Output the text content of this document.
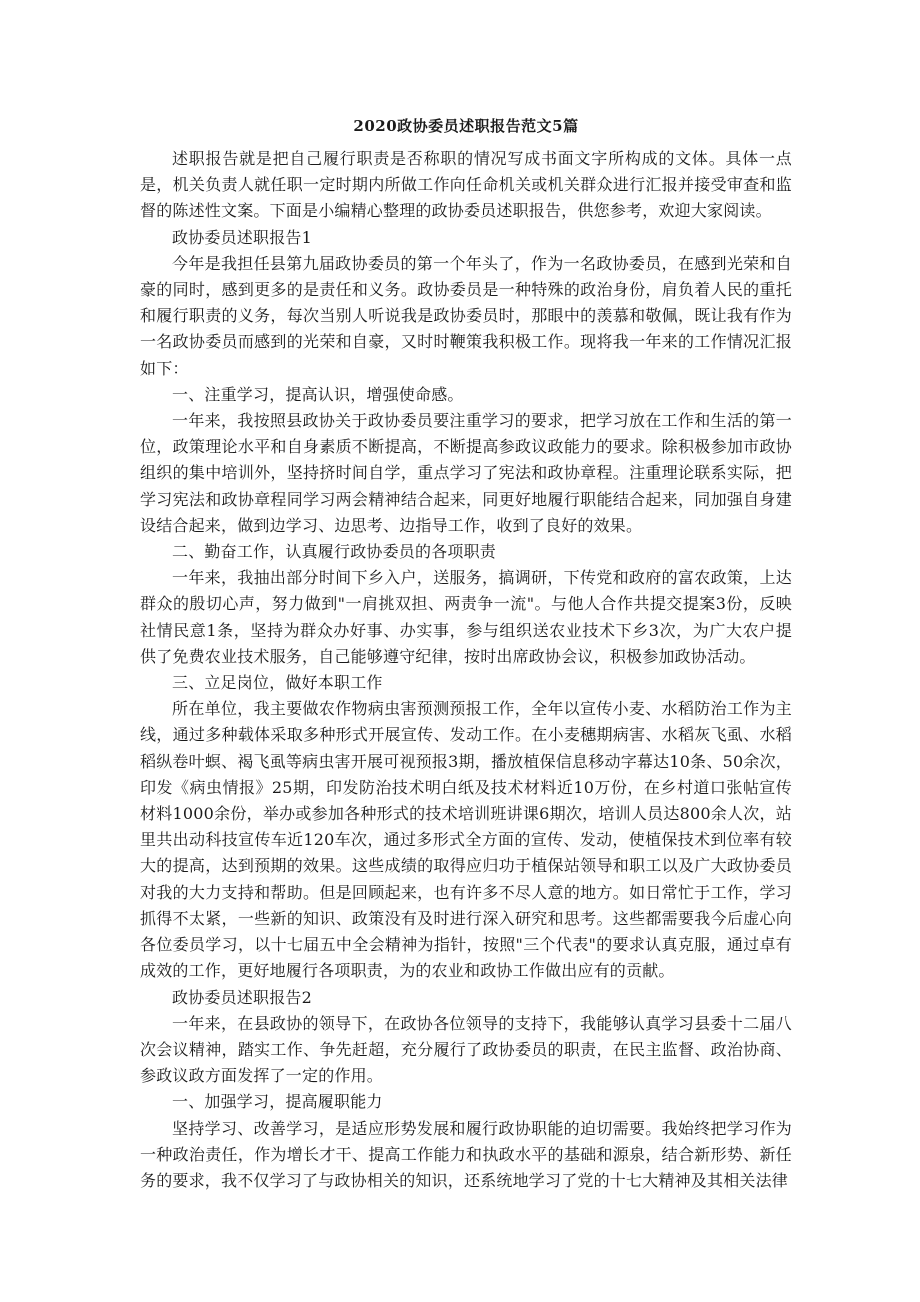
2020政协委员述职报告范文5篇

述职报告就是把自己履行职责是否称职的情况写成书面文字所构成的文体。具体一点是，机关负责人就任职一定时期内所做工作向任命机关或机关群众进行汇报并接受审查和监督的陈述性文案。下面是小编精心整理的政协委员述职报告，供您参考，欢迎大家阅读。

政协委员述职报告1

今年是我担任县第九届政协委员的第一个年头了，作为一名政协委员，在感到光荣和自豪的同时，感到更多的是责任和义务。政协委员是一种特殊的政治身份，肩负着人民的重托和履行职责的义务，每次当别人听说我是政协委员时，那眼中的羡慕和敬佩，既让我有作为一名政协委员而感到的光荣和自豪，又时时鞭策我积极工作。现将我一年来的工作情况汇报如下：

一、注重学习，提高认识，增强使命感。

一年来，我按照县政协关于政协委员要注重学习的要求，把学习放在工作和生活的第一位，政策理论水平和自身素质不断提高，不断提高参政议政能力的要求。除积极参加市政协组织的集中培训外，坚持挤时间自学，重点学习了宪法和政协章程。注重理论联系实际，把学习宪法和政协章程同学习两会精神结合起来，同更好地履行职能结合起来，同加强自身建设结合起来，做到边学习、边思考、边指导工作，收到了良好的效果。

二、勤奋工作，认真履行政协委员的各项职责

一年来，我抽出部分时间下乡入户，送服务，搞调研，下传党和政府的富农政策，上达群众的殷切心声，努力做到"一肩挑双担、两责争一流"。与他人合作共提交提案3份，反映社情民意1条，坚持为群众办好事、办实事，参与组织送农业技术下乡3次，为广大农户提供了免费农业技术服务，自己能够遵守纪律，按时出席政协会议，积极参加政协活动。

三、立足岗位，做好本职工作

所在单位，我主要做农作物病虫害预测预报工作，全年以宣传小麦、水稻防治工作为主线，通过多种载体采取多种形式开展宣传、发动工作。在小麦穗期病害、水稻灰飞虱、水稻稻纵卷叶螟、褐飞虱等病虫害开展可视预报3期，播放植保信息移动字幕达10条、50余次，印发《病虫情报》25期，印发防治技术明白纸及技术材料近10万份，在乡村道口张帖宣传材料1000余份，举办或参加各种形式的技术培训班讲课6期次，培训人员达800余人次，站里共出动科技宣传车近120车次，通过多形式全方面的宣传、发动，使植保技术到位率有较大的提高，达到预期的效果。这些成绩的取得应归功于植保站领导和职工以及广大政协委员对我的大力支持和帮助。但是回顾起来，也有许多不尽人意的地方。如日常忙于工作，学习抓得不太紧，一些新的知识、政策没有及时进行深入研究和思考。这些都需要我今后虚心向各位委员学习，以十七届五中全会精神为指针，按照"三个代表"的要求认真克服，通过卓有成效的工作，更好地履行各项职责，为的农业和政协工作做出应有的贡献。

政协委员述职报告2

一年来，在县政协的领导下，在政协各位领导的支持下，我能够认真学习县委十二届八次会议精神，踏实工作、争先赶超，充分履行了政协委员的职责，在民主监督、政治协商、参政议政方面发挥了一定的作用。

一、加强学习，提高履职能力

坚持学习、改善学习，是适应形势发展和履行政协职能的迫切需要。我始终把学习作为一种政治责任，作为增长才干、提高工作能力和执政水平的基础和源泉，结合新形势、新任务的要求，我不仅学习了与政协相关的知识，还系统地学习了党的十七大精神及其相关法律
